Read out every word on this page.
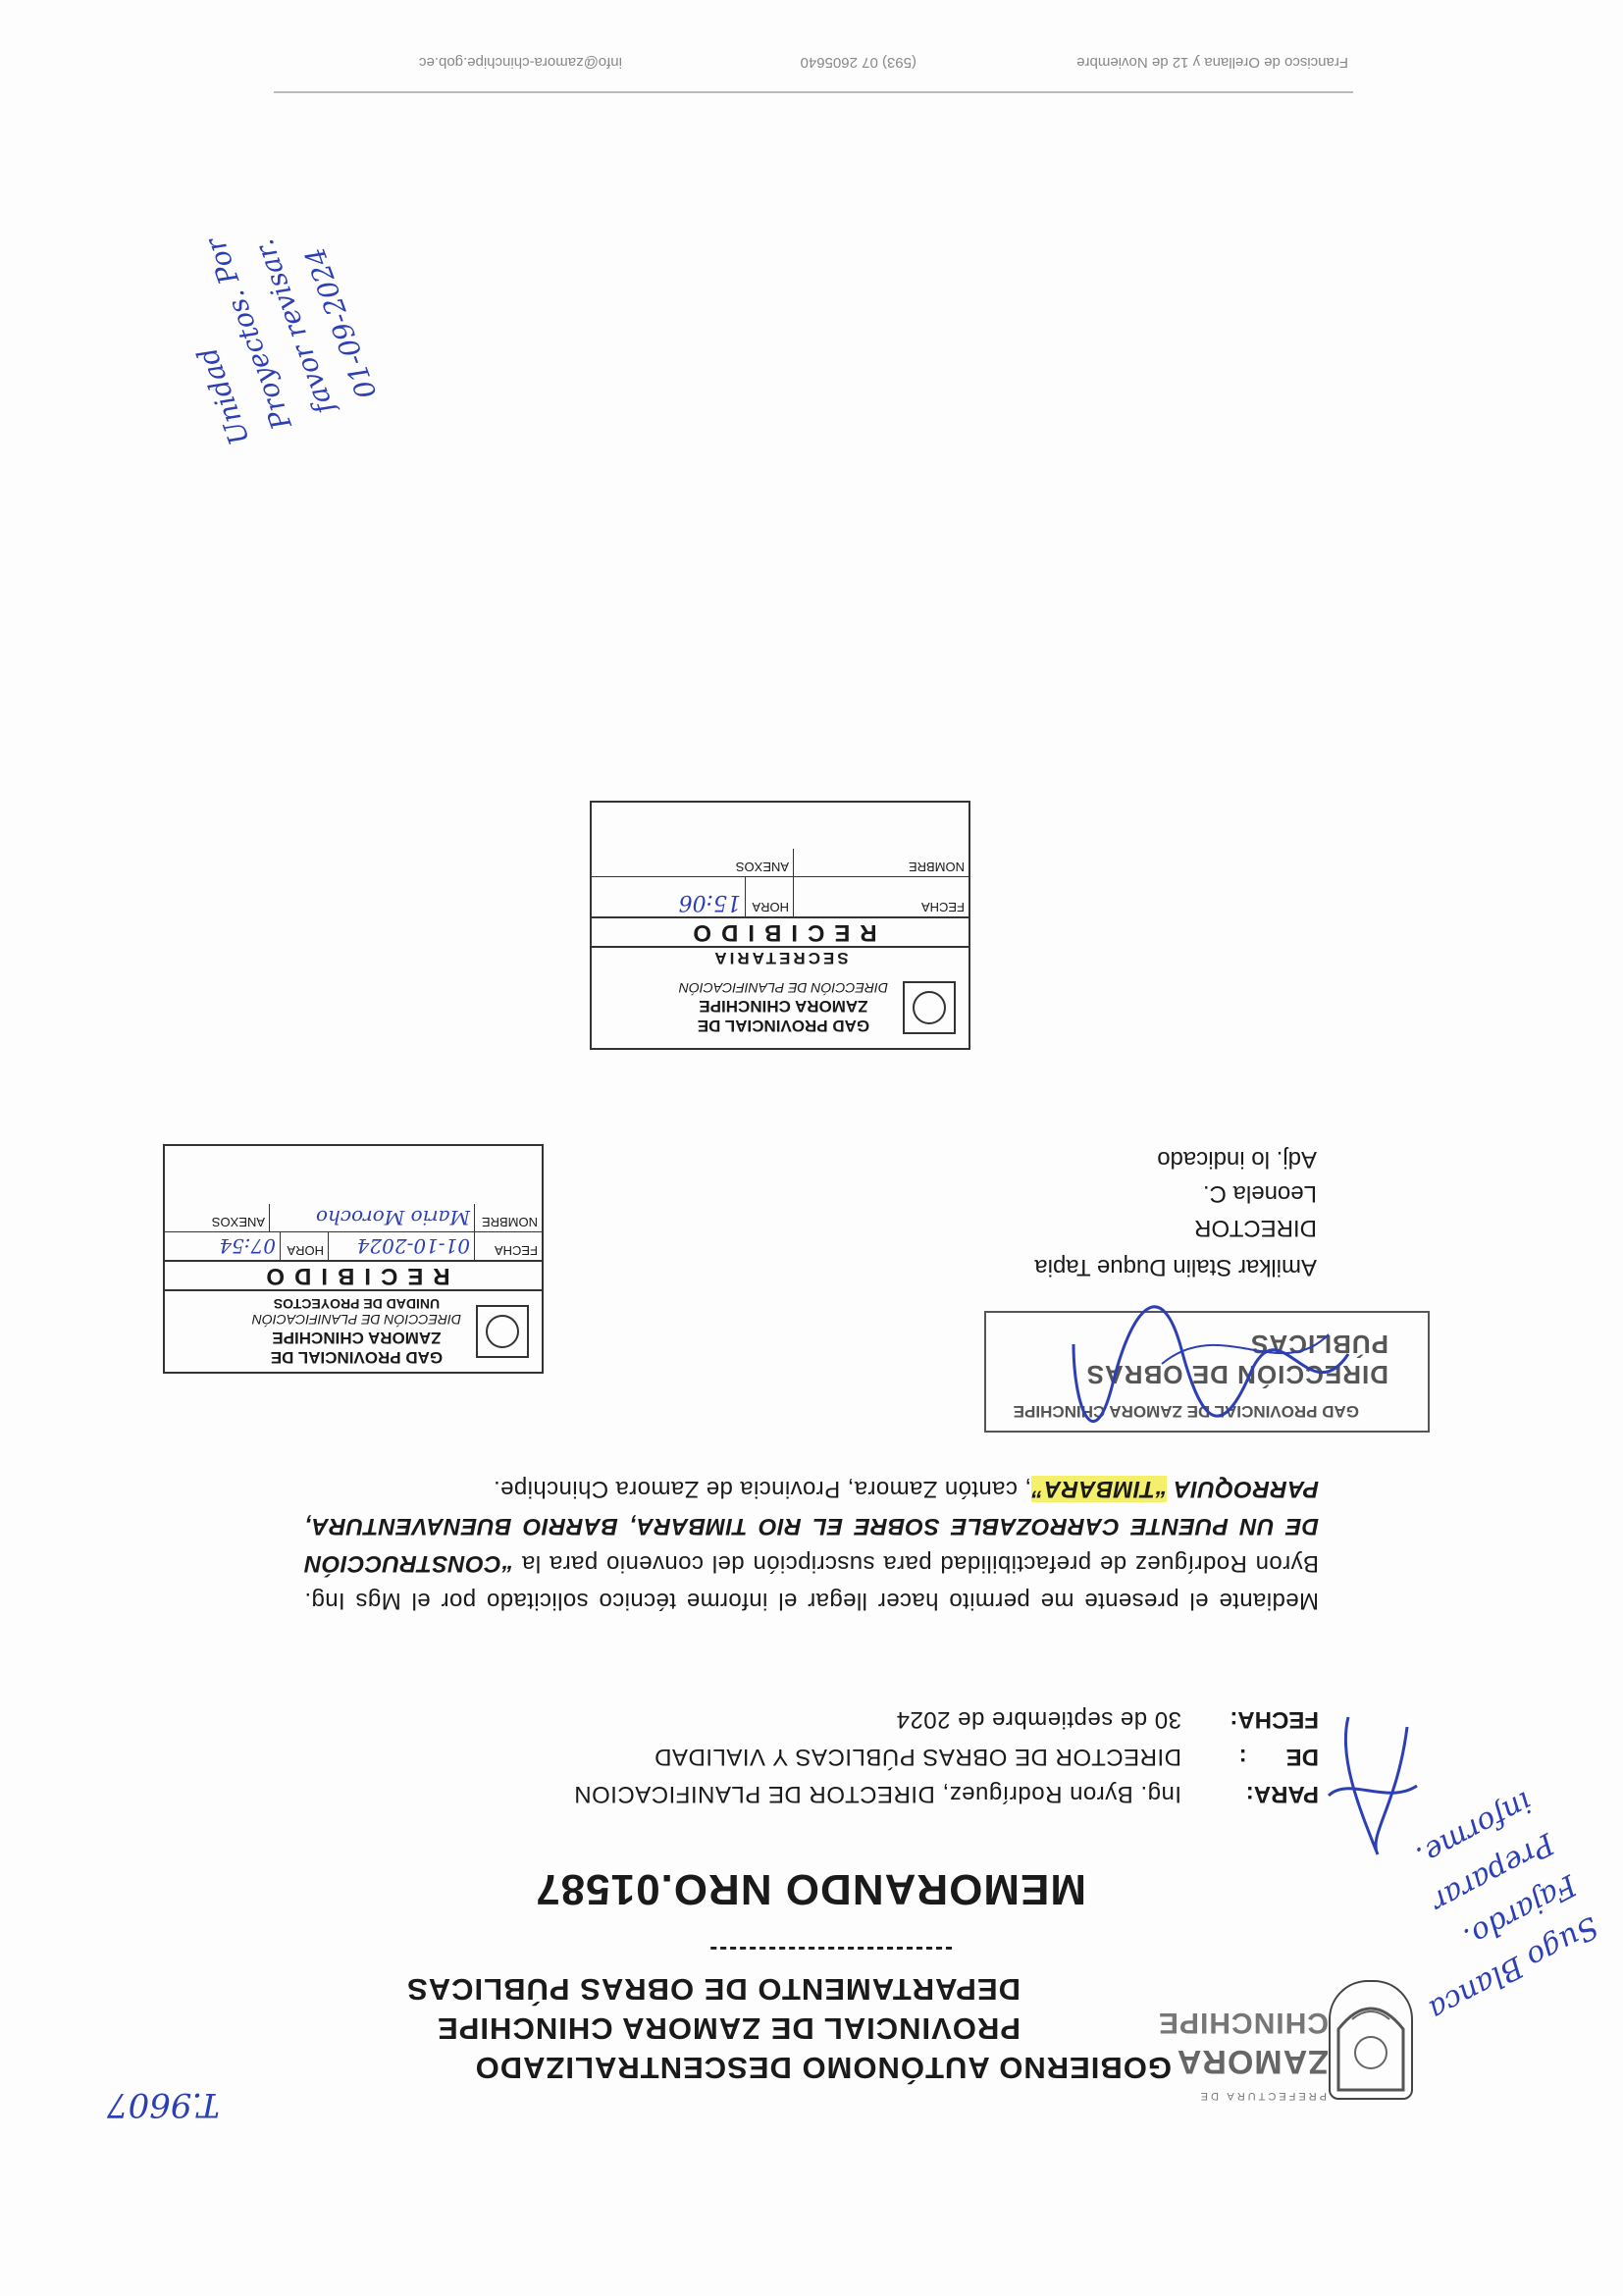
PREFECTURA DE
ZAMORA
CHINCHIPE
GOBIERNO AUTÓNOMO DESCENTRALIZADO
PROVINCIAL DE ZAMORA CHINCHIPE
DEPARTAMENTO DE OBRAS PÚBLICAS
-------------------------
MEMORANDO NRO.01587
PARA:
Ing. Byron Rodríguez, DIRECTOR DE PLANIFICACION
DE      :
DIRECTOR DE OBRAS PÚBLICAS Y VIALIDAD
FECHA:
30 de septiembre de 2024
Mediante el presente me permito hacer llegar el informe técnico solicitado por el Mgs Ing. Byron Rodríguez de prefactibilidad para suscripción del convenio para la “CONSTRUCCIÓN DE UN PUENTE CARROZABLE SOBRE EL RIO TIMBARA, BARRIO BUENAVENTURA, PARROQUIA “TIMBARA”, cantón Zamora, Provincia de Zamora Chinchipe.
GAD PROVINCIAL DE ZAMORA CHINCHIPE
DIRECCIÓN DE OBRAS PÚBLICAS
Amilkar Stalin Duque Tapia
DIRECTOR
Leonela C.
Adj. lo indicado
GAD PROVINCIAL DE
ZAMORA CHINCHIPE
DIRECCIÓN DE PLANIFICACIÓN
UNIDAD DE PROYECTOS
RECIBIDO
FECHA
01-10-2024
HORA
07:54
NOMBRE
Mario Morocho
ANEXOS
GAD PROVINCIAL DE
ZAMORA CHINCHIPE
DIRECCIÓN DE PLANIFICACIÓN
SECRETARIA
RECIBIDO
FECHA
HORA
15:06
NOMBRE
ANEXOS
T.9607
Sugo Blanca Fajardo. Preparar informe.
Unidad Proyectos. Por favor revisar. 01-09-2024
Francisco de Orellana y 12 de Noviembre
(593) 07 2605640
info@zamora-chinchipe.gob.ec
